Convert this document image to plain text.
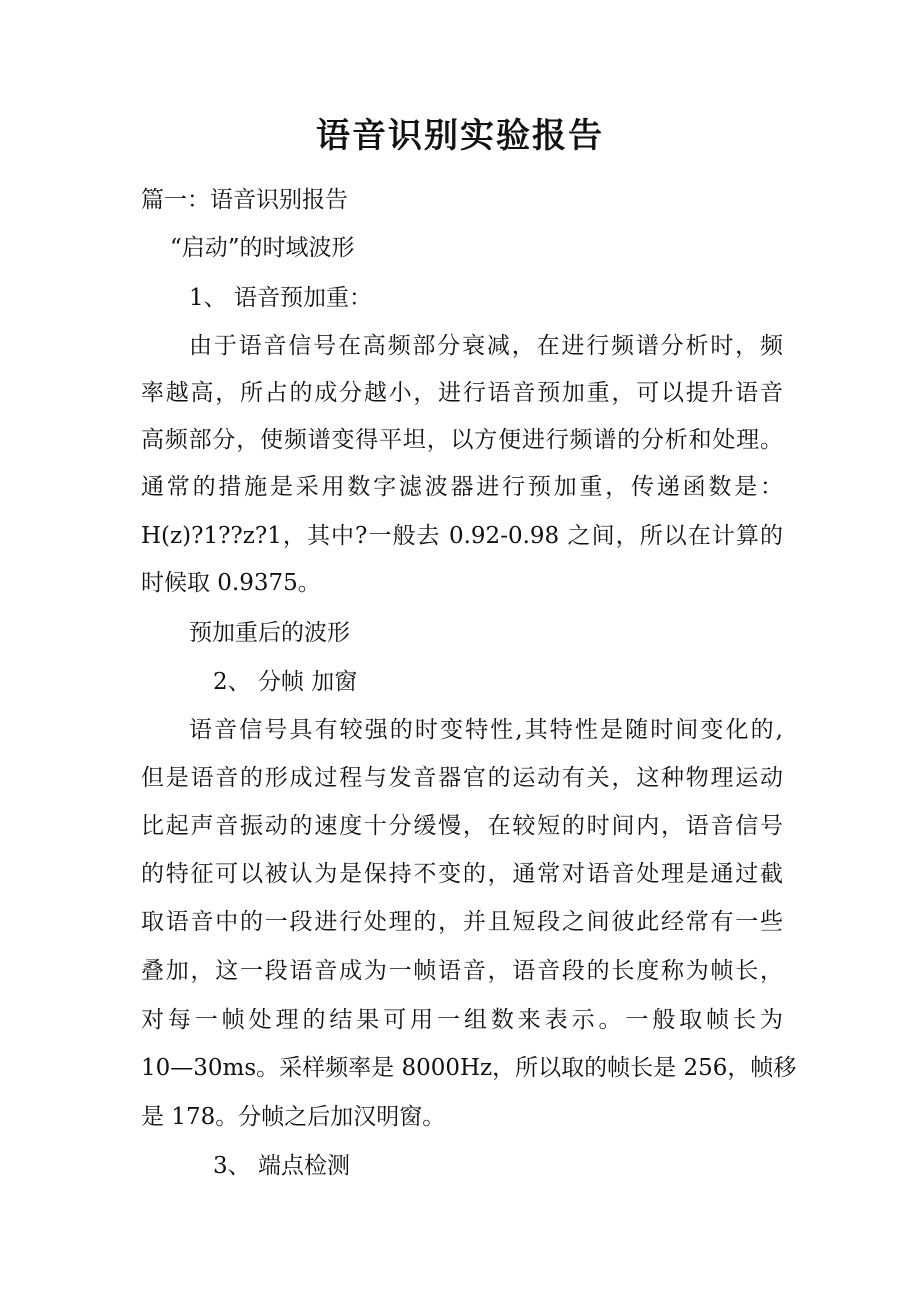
语音识别实验报告
篇一：语音识别报告
“启动”的时域波形
1、 语音预加重：
由于语音信号在高频部分衰减，在进行频谱分析时，频
率越高，所占的成分越小，进行语音预加重，可以提升语音
高频部分，使频谱变得平坦，以方便进行频谱的分析和处理。
通常的措施是采用数字滤波器进行预加重，传递函数是：
H(z)?1??z?1，其中?一般去 0.92-0.98 之间，所以在计算的
时候取 0.9375。
预加重后的波形
2、 分帧 加窗
语音信号具有较强的时变特性,其特性是随时间变化的,
但是语音的形成过程与发音器官的运动有关，这种物理运动
比起声音振动的速度十分缓慢，在较短的时间内，语音信号
的特征可以被认为是保持不变的，通常对语音处理是通过截
取语音中的一段进行处理的，并且短段之间彼此经常有一些
叠加，这一段语音成为一帧语音，语音段的长度称为帧长，
对每一帧处理的结果可用一组数来表示。一般取帧长为
10—30ms。采样频率是 8000Hz，所以取的帧长是 256，帧移
是 178。分帧之后加汉明窗。
3、 端点检测
